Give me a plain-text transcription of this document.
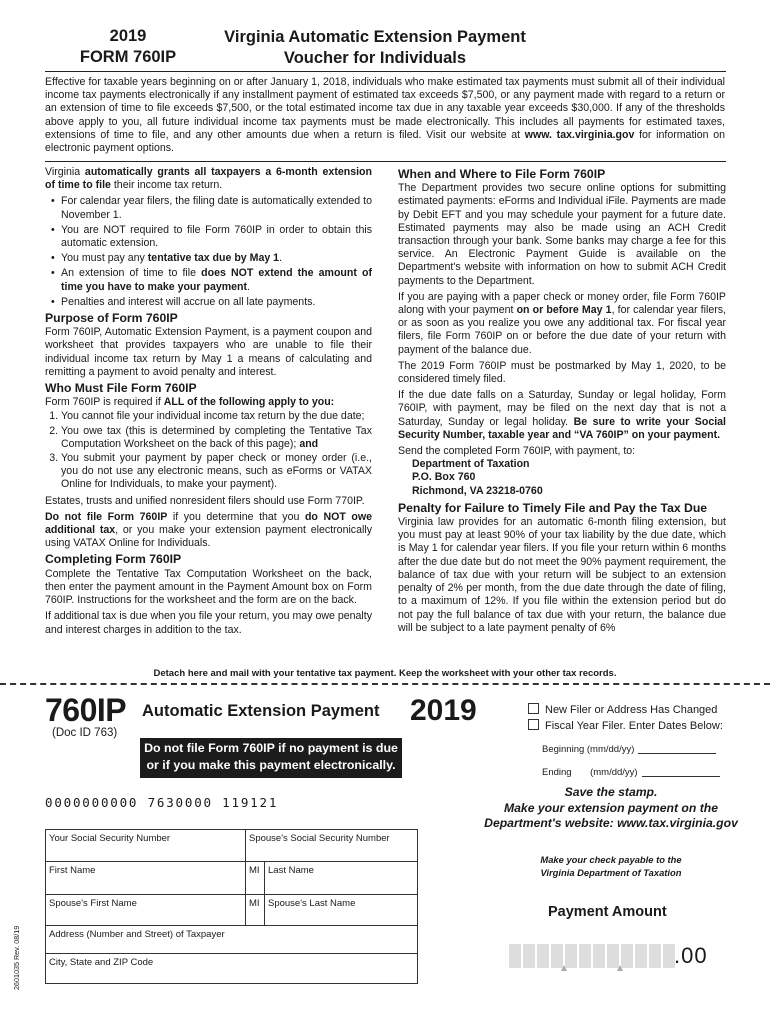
2019
FORM 760IP
Virginia Automatic Extension Payment
Voucher for Individuals
Effective for taxable years beginning on or after January 1, 2018, individuals who make estimated tax payments must submit all of their individual income tax payments electronically if any installment payment of estimated tax exceeds $7,500, or any payment made with regard to a return or an extension of time to file exceeds $7,500, or the total estimated income tax due in any taxable year exceeds $30,000. If any of the thresholds above apply to you, all future individual income tax payments must be made electronically. This includes all payments for estimated taxes, extensions of time to file, and any other amounts due when a return is filed. Visit our website at www. tax.virginia.gov for information on electronic payment options.

Virginia automatically grants all taxpayers a 6-month extension of time to file their income tax return.

• For calendar year filers, the filing date is automatically extended to November 1.
• You are NOT required to file Form 760IP in order to obtain this automatic extension.
• You must pay any tentative tax due by May 1.
• An extension of time to file does NOT extend the amount of time you have to make your payment.
• Penalties and interest will accrue on all late payments.
Purpose of Form 760IP

Form 760IP, Automatic Extension Payment, is a payment coupon and worksheet that provides taxpayers who are unable to file their individual income tax return by May 1 a means of calculating and remitting a payment to avoid penalty and interest.

Who Must File Form 760IP

Form 760IP is required if ALL of the following apply to you:

1. You cannot file your individual income tax return by the due date;
2. You owe tax (this is determined by completing the Tentative Tax Computation Worksheet on the back of this page); and
3. You submit your payment by paper check or money order (i.e., you do not use any electronic means, such as eForms or VATAX Online for Individuals, to make your payment).

Estates, trusts and unified nonresident filers should use Form 770IP.

Do not file Form 760IP if you determine that you do NOT owe additional tax, or you make your extension payment electronically using VATAX Online for Individuals.

Completing Form 760IP

Complete the Tentative Tax Computation Worksheet on the back, then enter the payment amount in the Payment Amount box on Form 760IP. Instructions for the worksheet and the form are on the back.

If additional tax is due when you file your return, you may owe penalty and interest charges in addition to the tax.

When and Where to File Form 760IP

The Department provides two secure online options for submitting estimated payments: eForms and Individual iFile. Payments are made by Debit EFT and you may schedule your payment for a future date. Estimated payments may also be made using an ACH Credit transaction through your bank. Some banks may charge a fee for this service. An Electronic Payment Guide is available on the Department's website with information on how to submit ACH Credit payments to the Department.

If you are paying with a paper check or money order, file Form 760IP along with your payment on or before May 1, for calendar year filers, or as soon as you realize you owe any additional tax. For fiscal year filers, file Form 760IP on or before the due date of your return with payment of the balance due.

The 2019 Form 760IP must be postmarked by May 1, 2020, to be considered timely filed.

If the due date falls on a Saturday, Sunday or legal holiday, Form 760IP, with payment, may be filed on the next day that is not a Saturday, Sunday or legal holiday. Be sure to write your Social Security Number, taxable year and “VA 760IP” on your payment.

Send the completed Form 760IP, with payment, to:

Department of Taxation
P.O. Box 760
Richmond, VA 23218-0760
Penalty for Failure to Timely File and Pay the Tax Due

Virginia law provides for an automatic 6-month filing extension, but you must pay at least 90% of your tax liability by the due date, which is May 1 for calendar year filers. If you file your return within 6 months after the due date but do not meet the 90% payment requirement, the balance of tax due with your return will be subject to an extension penalty of 2% per month, from the due date through the date of filing, to a maximum of 12%. If you file within the extension period but do not pay the full balance of tax due with your return, the balance due will be subject to a late payment penalty of 6%

Detach here and mail with your tentative tax payment. Keep the worksheet with your other tax records.
760IP
(Doc ID 763)
Automatic Extension Payment 2019
Do not file Form 760IP if no payment is due
or if you make this payment electronically.
New Filer or Address Has Changed
Fiscal Year Filer. Enter Dates Below:
Beginning (mm/dd/yy)
Ending (mm/dd/yy)
0000000000 7630000 119121
Save the stamp.
Make your extension payment on the
Department's website: www.tax.virginia.gov
Make your check payable to the
Virginia Department of Taxation
Payment Amount
.00
Your Social Security Number	Spouse's Social Security Number
First Name	MI Last Name
Spouse's First Name	MI Spouse's Last Name
Address (Number and Street) of Taxpayer
City, State and ZIP Code
2601035 Rev. 08/19
